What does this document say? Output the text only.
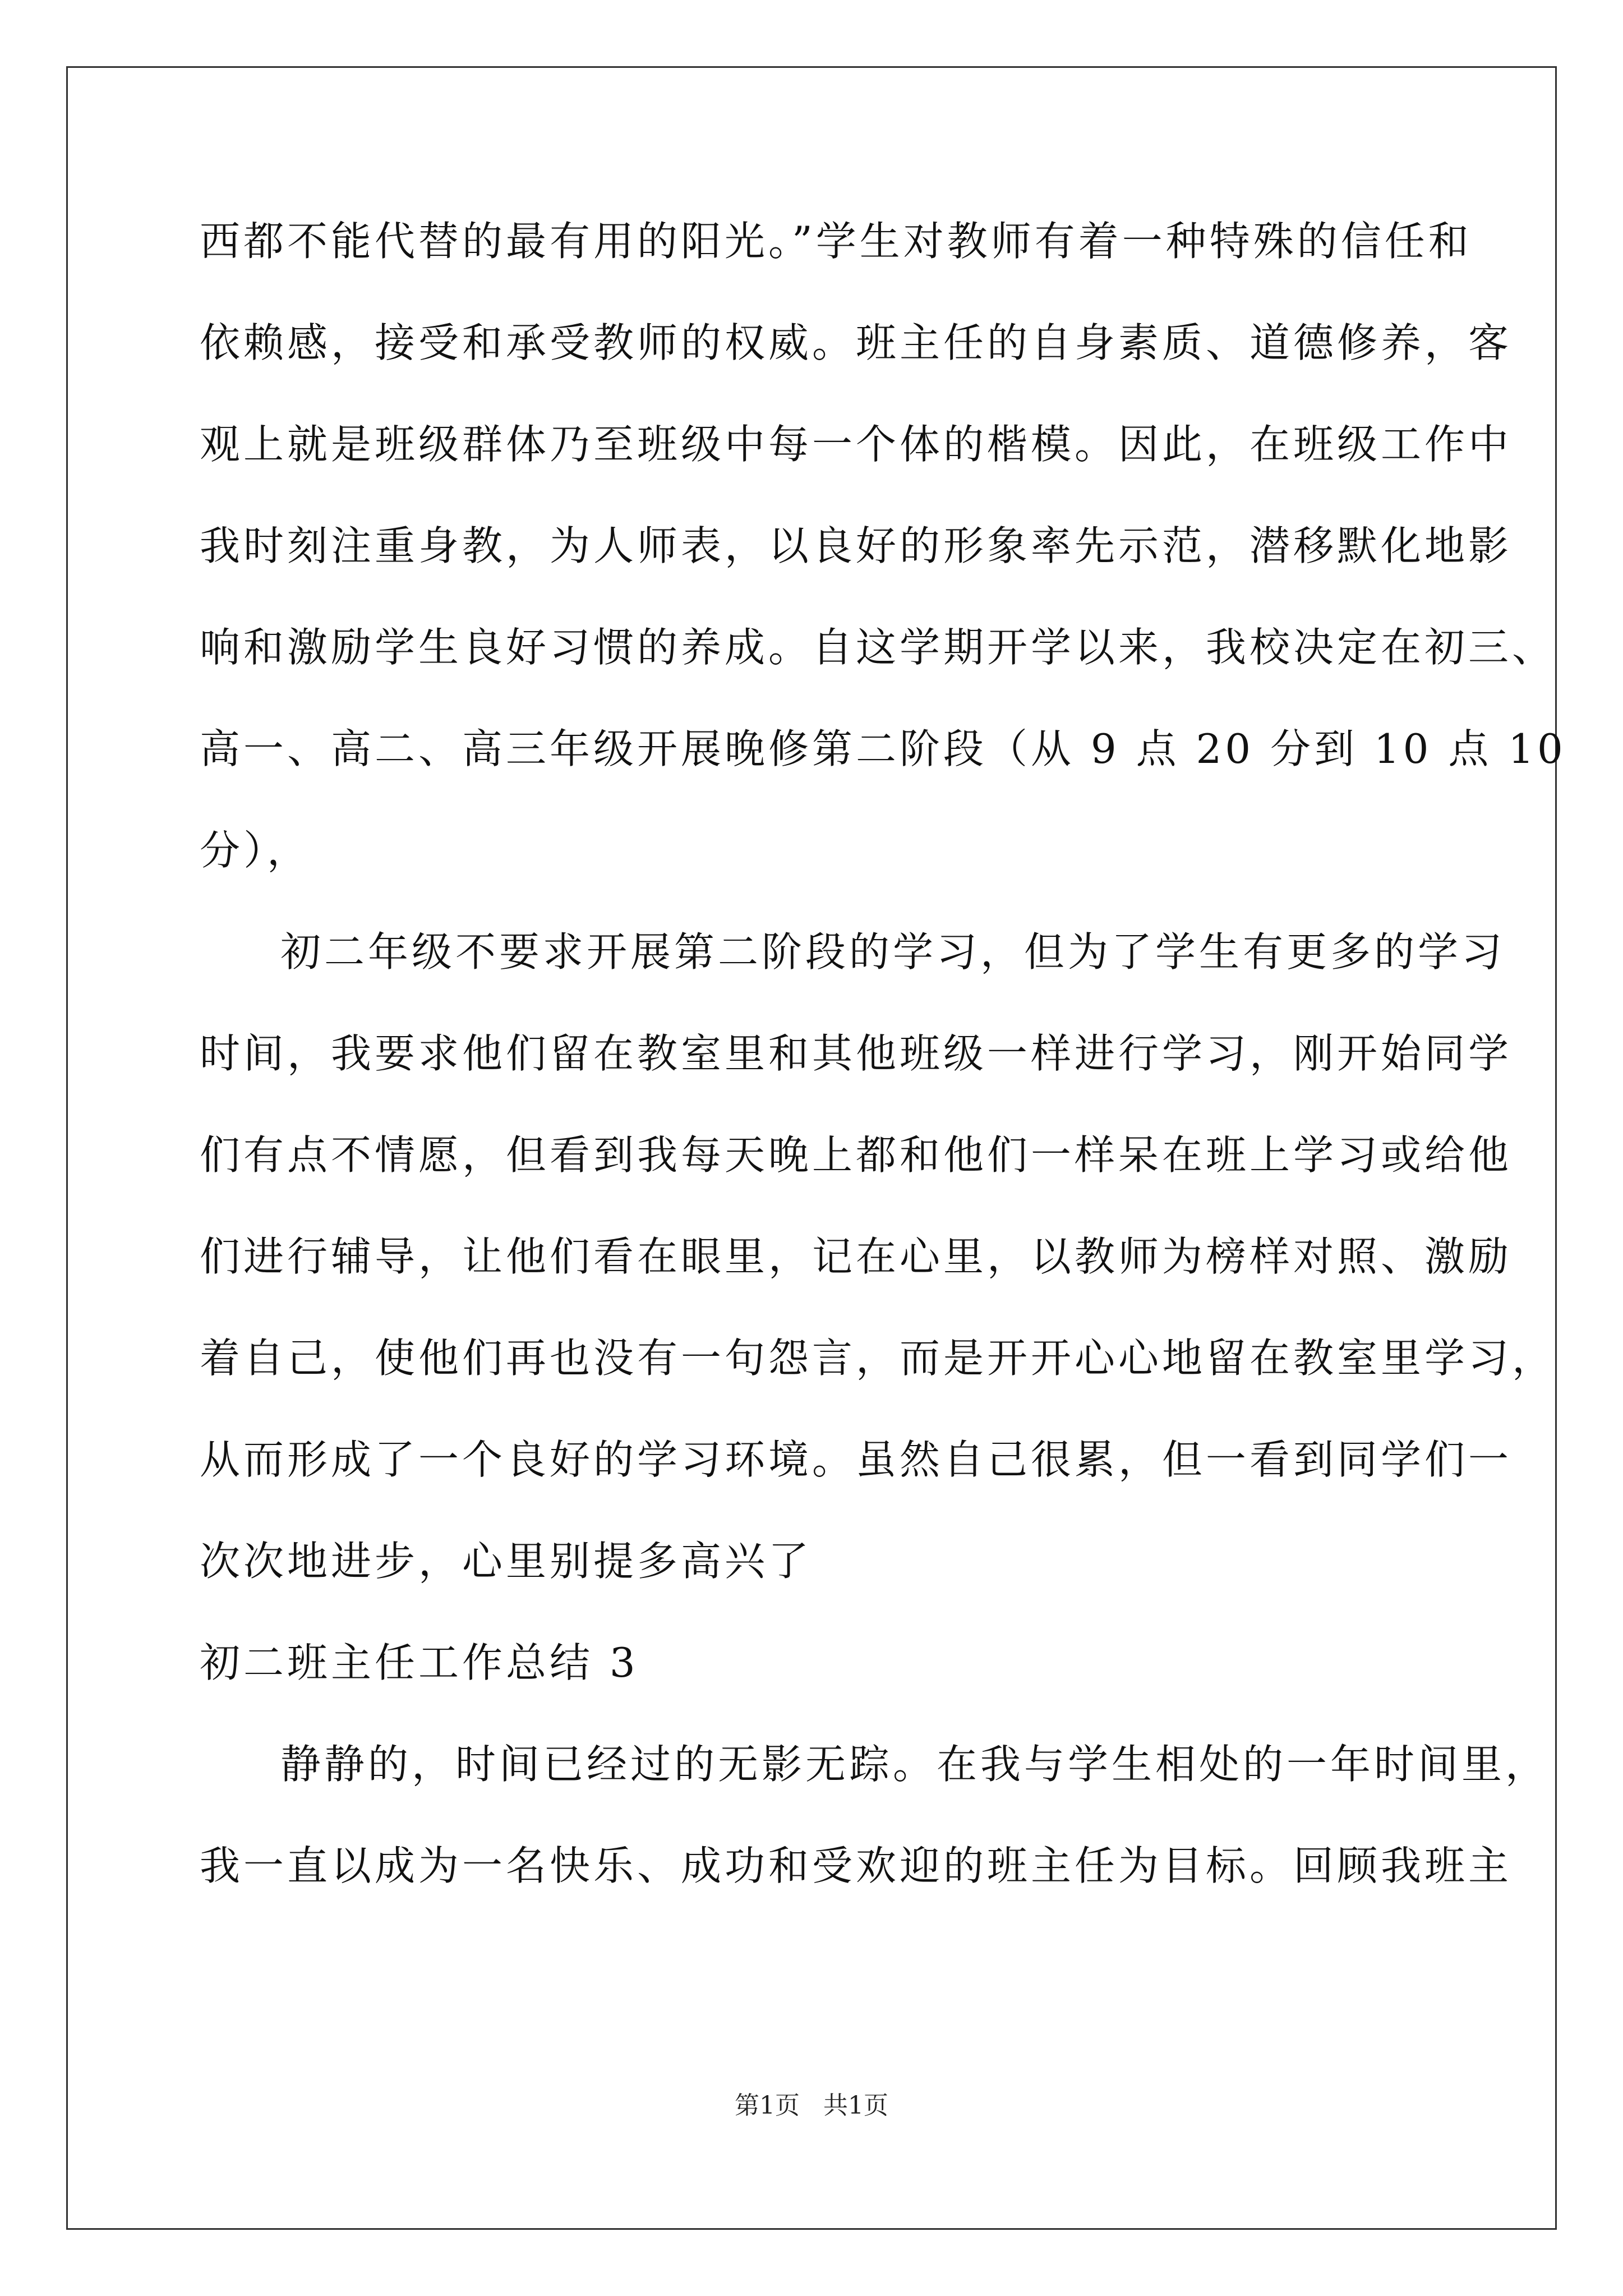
西都不能代替的最有用的阳光。”学生对教师有着一种特殊的信任和
依赖感，接受和承受教师的权威。班主任的自身素质、道德修养，客
观上就是班级群体乃至班级中每一个体的楷模。因此，在班级工作中
我时刻注重身教，为人师表，以良好的形象率先示范，潜移默化地影
响和激励学生良好习惯的养成。自这学期开学以来，我校决定在初三、
高一、高二、高三年级开展晚修第二阶段（从 9 点 20 分到 10 点 10
分），
初二年级不要求开展第二阶段的学习，但为了学生有更多的学习
时间，我要求他们留在教室里和其他班级一样进行学习，刚开始同学
们有点不情愿，但看到我每天晚上都和他们一样呆在班上学习或给他
们进行辅导，让他们看在眼里，记在心里，以教师为榜样对照、激励
着自己，使他们再也没有一句怨言，而是开开心心地留在教室里学习，
从而形成了一个良好的学习环境。虽然自己很累，但一看到同学们一
次次地进步，心里别提多高兴了
初二班主任工作总结 3
静静的，时间已经过的无影无踪。在我与学生相处的一年时间里，
我一直以成为一名快乐、成功和受欢迎的班主任为目标。回顾我班主
第1页   共1页
